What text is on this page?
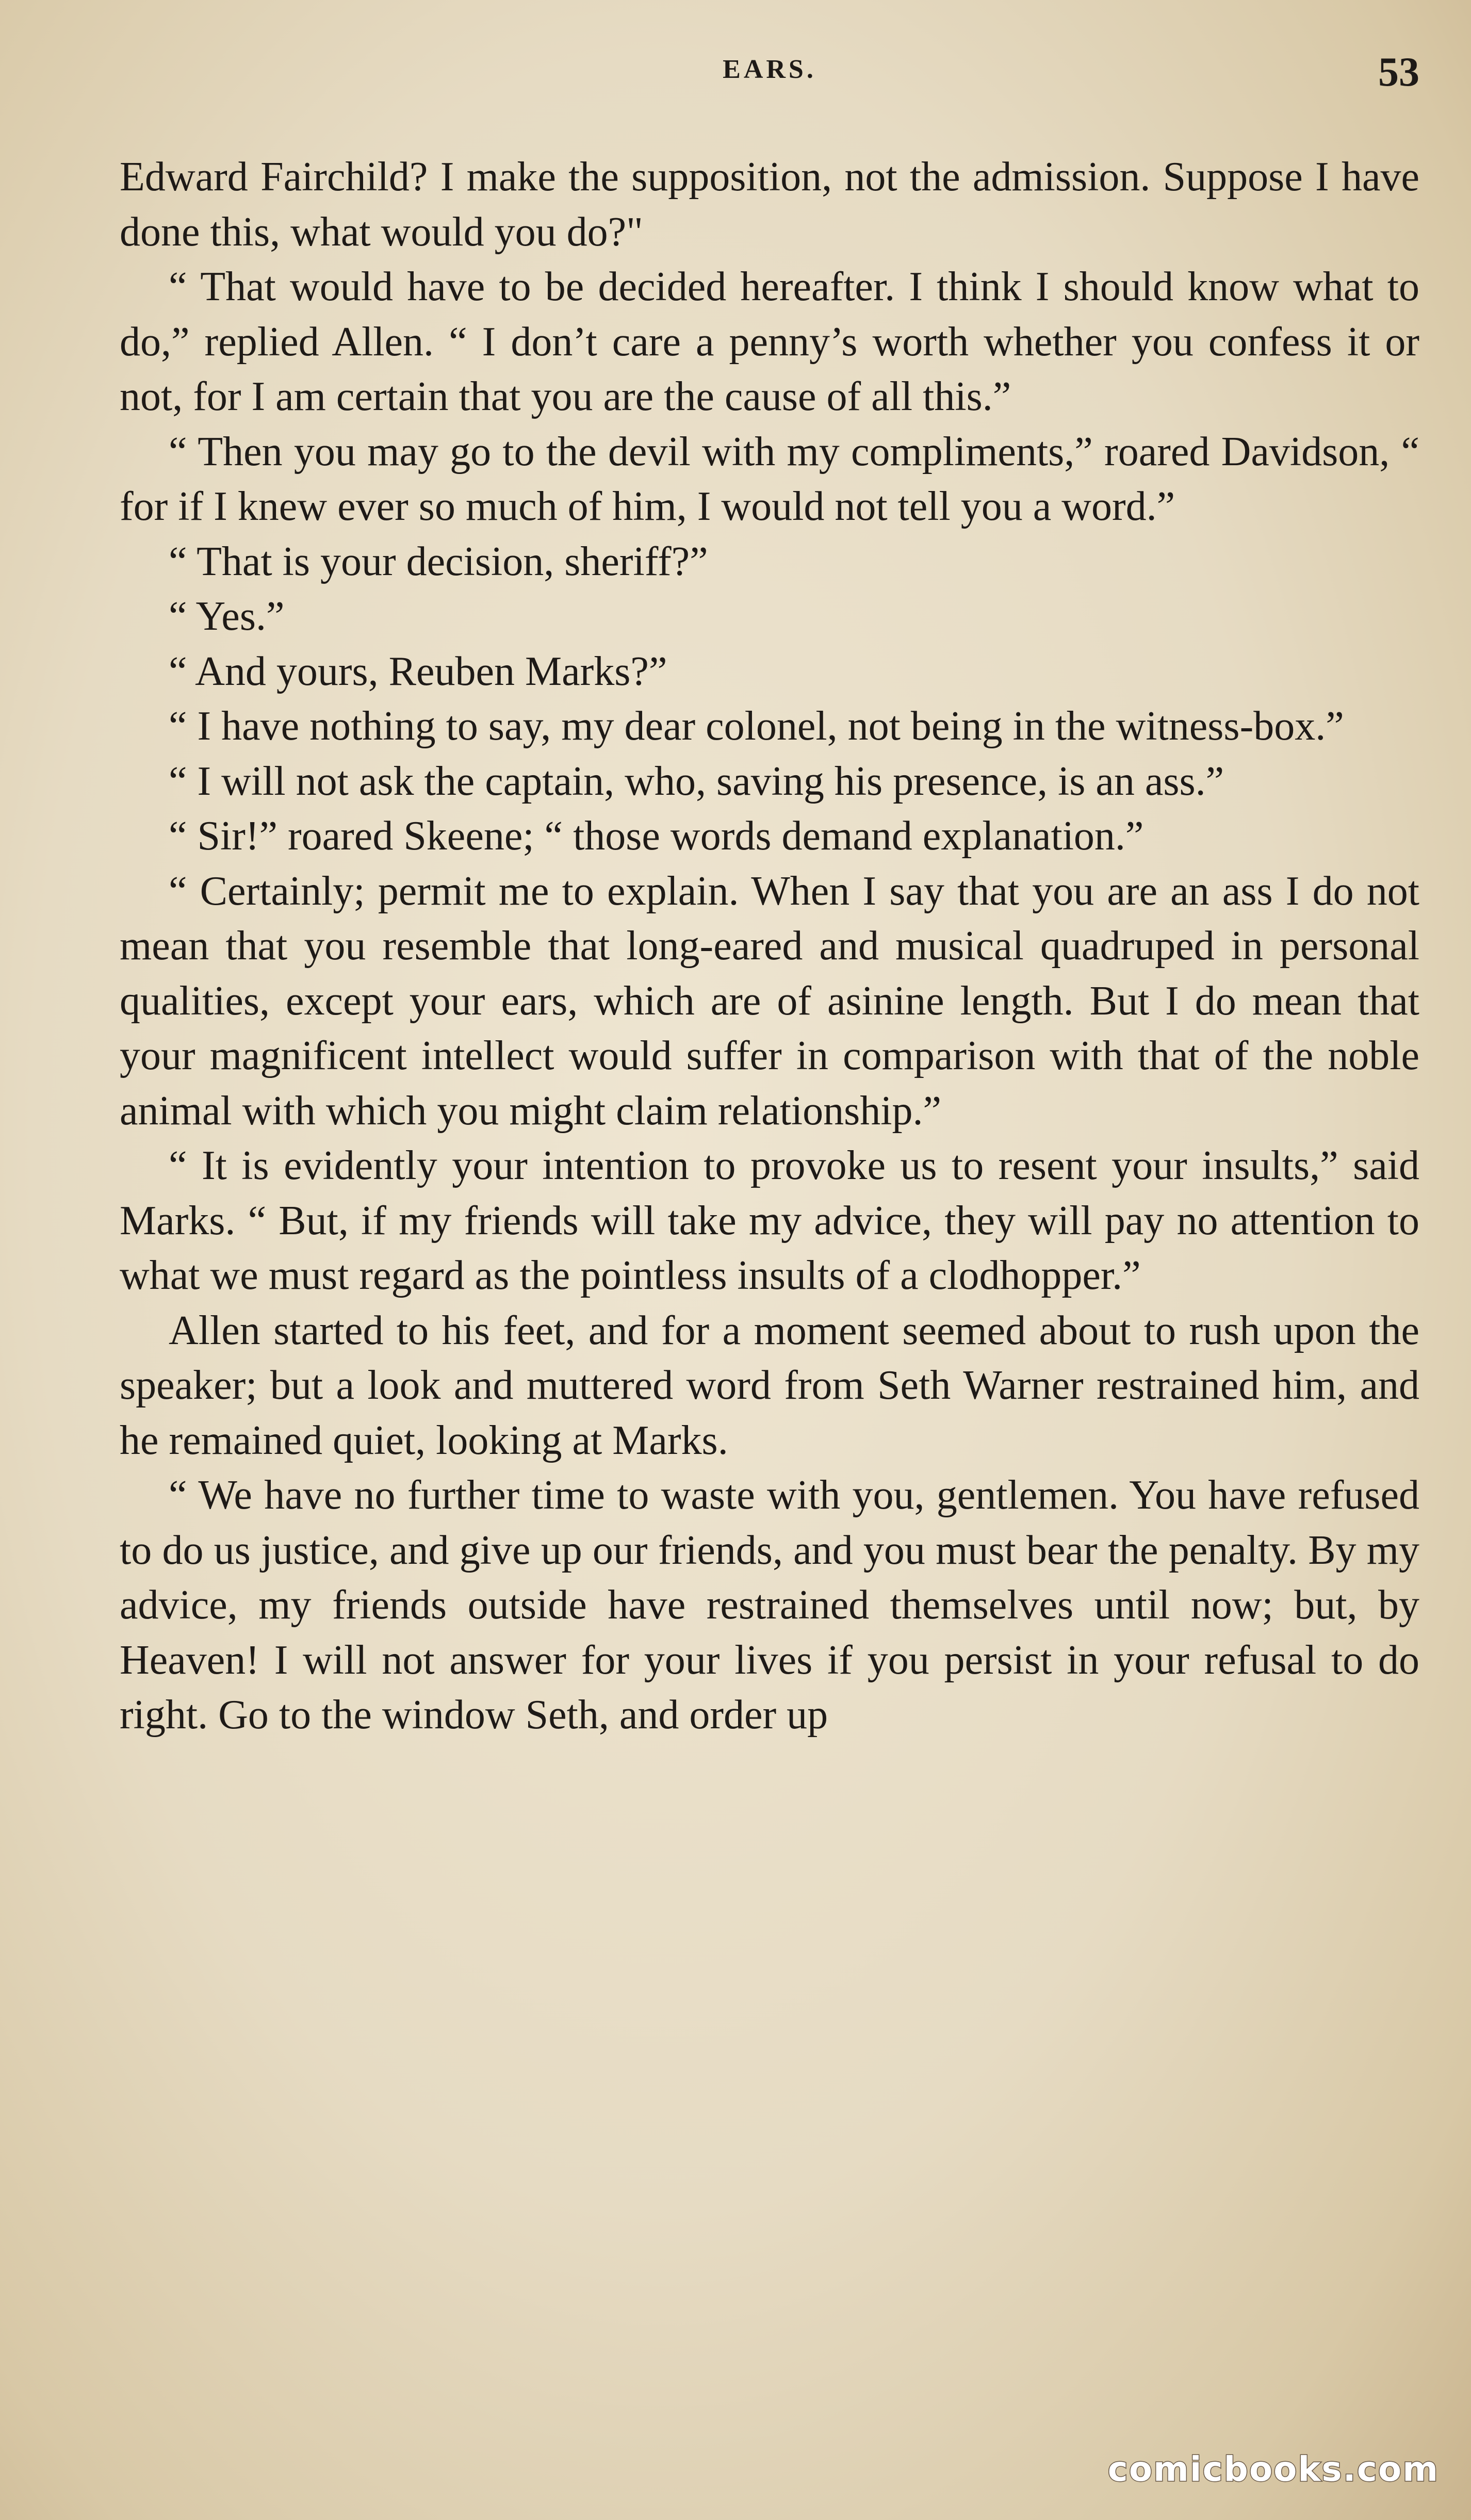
EARS.	53

Edward Fairchild? I make the supposition, not the admission. Suppose I have done this, what would you do?"

“ That would have to be decided hereafter. I think I should know what to do,” replied Allen. “ I don’t care a penny’s worth whether you confess it or not, for I am certain that you are the cause of all this.”

“ Then you may go to the devil with my compliments,” roared Davidson, “ for if I knew ever so much of him, I would not tell you a word.”

“ That is your decision, sheriff?”

“ Yes.”

“ And yours, Reuben Marks?”

“ I have nothing to say, my dear colonel, not being in the witness-box.”

“ I will not ask the captain, who, saving his presence, is an ass.”

“ Sir!” roared Skeene; “ those words demand explanation.”

“ Certainly; permit me to explain. When I say that you are an ass I do not mean that you resemble that long-eared and musical quadruped in personal qualities, except your ears, which are of asinine length. But I do mean that your magnificent intellect would suffer in comparison with that of the noble animal with which you might claim relationship.”

“ It is evidently your intention to provoke us to resent your insults,” said Marks. “ But, if my friends will take my advice, they will pay no attention to what we must regard as the pointless insults of a clodhopper.”

Allen started to his feet, and for a moment seemed about to rush upon the speaker; but a look and muttered word from Seth Warner restrained him, and he remained quiet, looking at Marks.

“ We have no further time to waste with you, gentlemen. You have refused to do us justice, and give up our friends, and you must bear the penalty. By my advice, my friends outside have restrained themselves until now; but, by Heaven! I will not answer for your lives if you persist in your refusal to do right. Go to the window Seth, and order up

comicbooks.com
